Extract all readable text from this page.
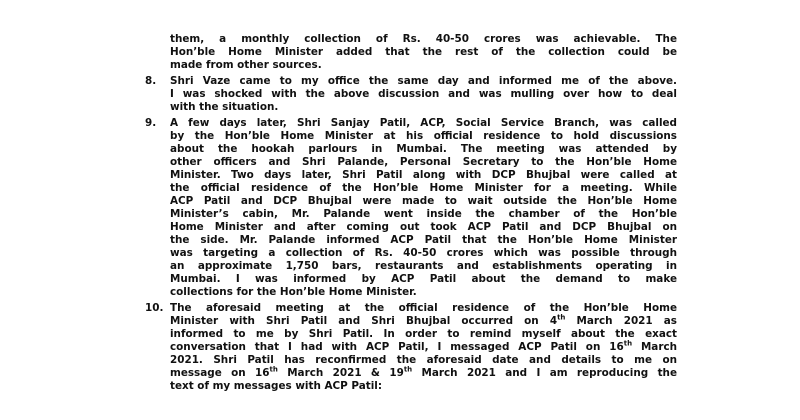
them, a monthly collection of Rs. 40-50 crores was achievable. The
Hon’ble Home Minister added that the rest of the collection could be
made from other sources.
8. Shri Vaze came to my office the same day and informed me of the above.
I was shocked with the above discussion and was mulling over how to deal
with the situation.
9. A few days later, Shri Sanjay Patil, ACP, Social Service Branch, was called
by the Hon’ble Home Minister at his official residence to hold discussions
about the hookah parlours in Mumbai. The meeting was attended by
other officers and Shri Palande, Personal Secretary to the Hon’ble Home
Minister. Two days later, Shri Patil along with DCP Bhujbal were called at
the official residence of the Hon’ble Home Minister for a meeting. While
ACP Patil and DCP Bhujbal were made to wait outside the Hon’ble Home
Minister’s cabin, Mr. Palande went inside the chamber of the Hon’ble
Home Minister and after coming out took ACP Patil and DCP Bhujbal on
the side. Mr. Palande informed ACP Patil that the Hon’ble Home Minister
was targeting a collection of Rs. 40-50 crores which was possible through
an approximate 1,750 bars, restaurants and establishments operating in
Mumbai. I was informed by ACP Patil about the demand to make
collections for the Hon’ble Home Minister.
10. The aforesaid meeting at the official residence of the Hon’ble Home
Minister with Shri Patil and Shri Bhujbal occurred on 4th March 2021 as
informed to me by Shri Patil. In order to remind myself about the exact
conversation that I had with ACP Patil, I messaged ACP Patil on 16th March
2021. Shri Patil has reconfirmed the aforesaid date and details to me on
message on 16th March 2021 & 19th March 2021 and I am reproducing the
text of my messages with ACP Patil:
